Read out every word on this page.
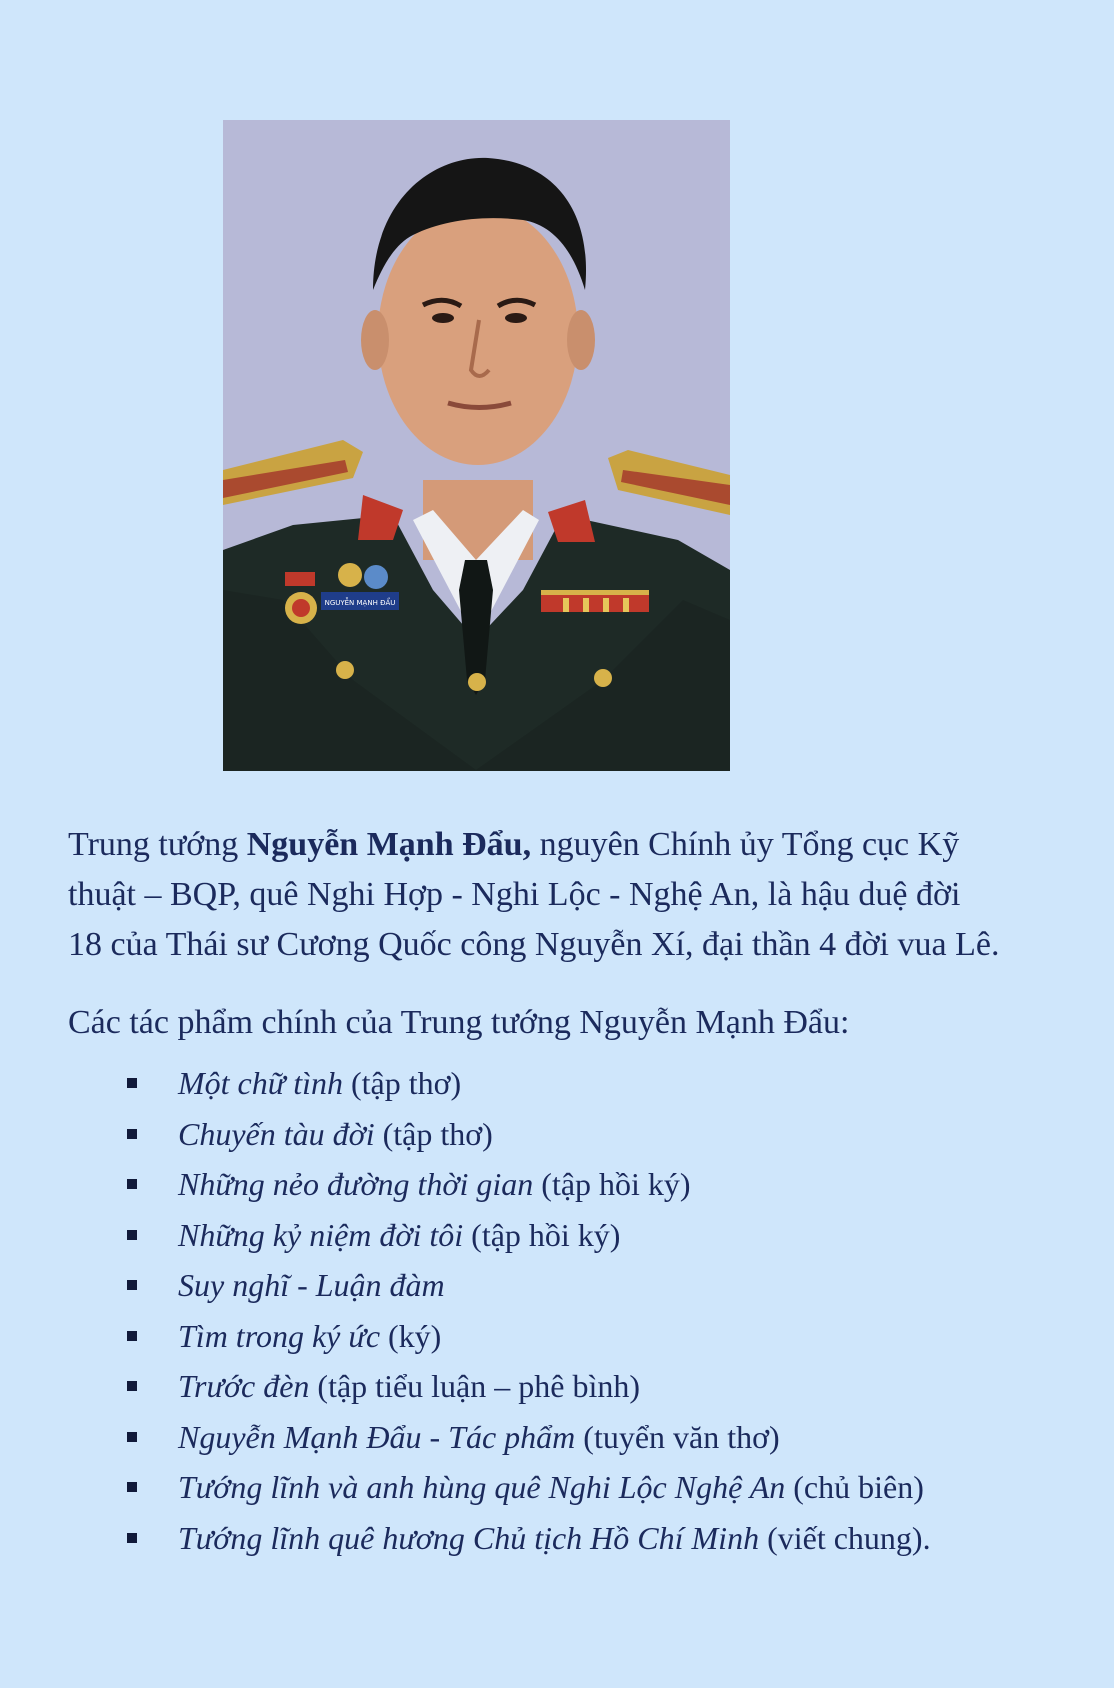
NGUYỄN MẠNH ĐẨU

Trung tướng Nguyễn Mạnh Đẩu, nguyên Chính ủy Tổng cục Kỹ
thuật – BQP, quê Nghi Hợp - Nghi Lộc - Nghệ An, là hậu duệ đời
18 của Thái sư Cương Quốc công Nguyễn Xí, đại thần 4 đời vua Lê.

Các tác phẩm chính của Trung tướng Nguyễn Mạnh Đẩu:

Một chữ tình (tập thơ)
Chuyến tàu đời (tập thơ)
Những nẻo đường thời gian (tập hồi ký)
Những kỷ niệm đời tôi (tập hồi ký)
Suy nghĩ - Luận đàm
Tìm trong ký ức (ký)
Trước đèn (tập tiểu luận – phê bình)
Nguyễn Mạnh Đẩu - Tác phẩm (tuyển văn thơ)
Tướng lĩnh và anh hùng quê Nghi Lộc Nghệ An (chủ biên)
Tướng lĩnh quê hương Chủ tịch Hồ Chí Minh (viết chung).
